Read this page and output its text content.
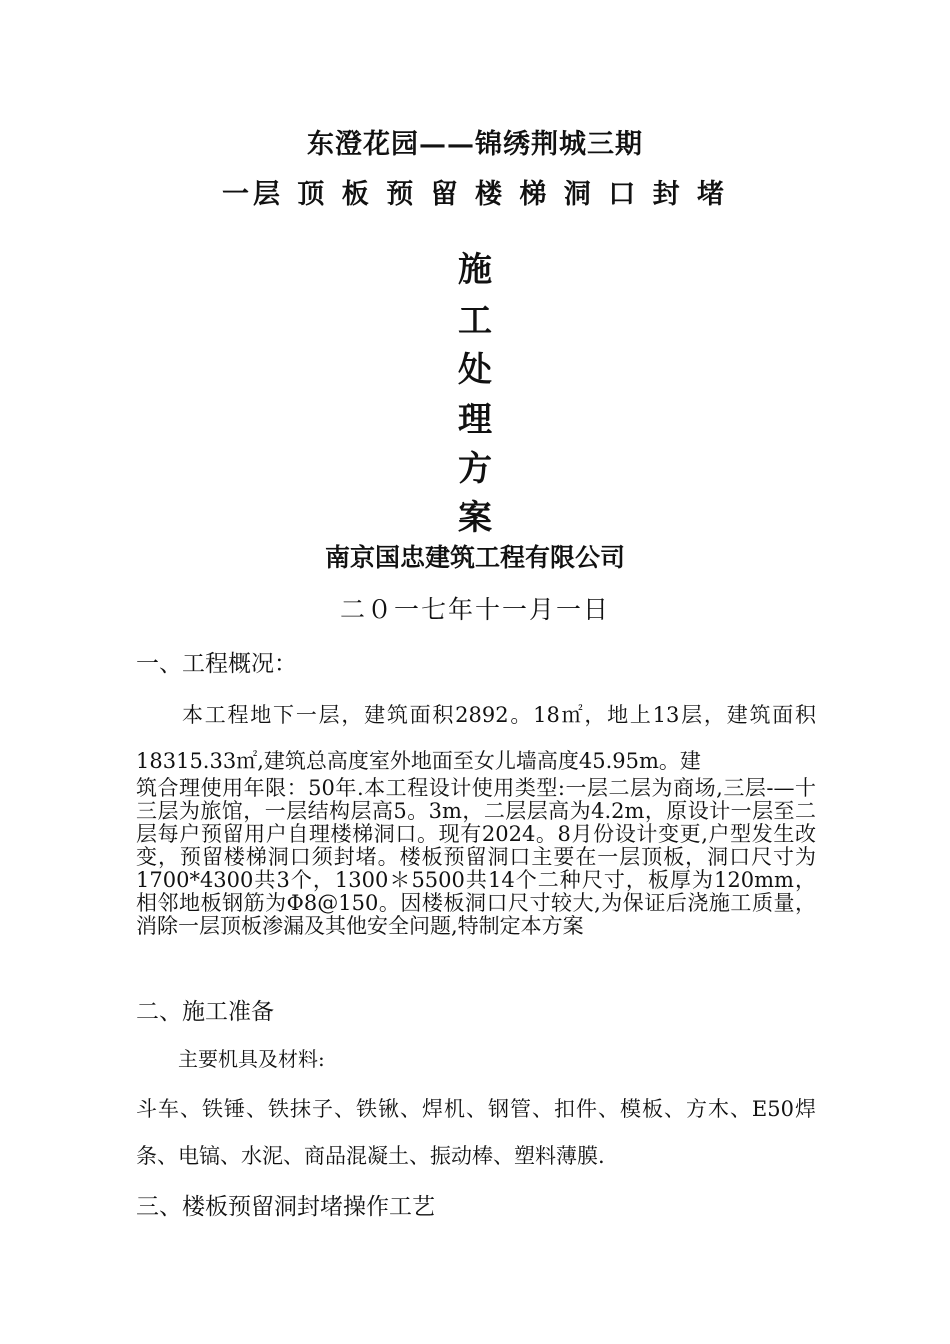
东澄花园——锦绣荆城三期
一层 顶 板 预 留 楼 梯 洞 口 封 堵
施
工
处
理
方
案
南京国忠建筑工程有限公司
二０一七年十一月一日
一、工程概况：
本工程地下一层，建筑面积2892。18㎡，地上13层，建筑面积18315.33㎡,建筑总高度室外地面至女儿墙高度45.95m。建
筑合理使用年限：50年.本工程设计使用类型:一层二层为商场,三层-—十三层为旅馆，一层结构层高5。3m，二层层高为4.2m，原设计一层至二层每户预留用户自理楼梯洞口。现有2024。8月份设计变更,户型发生改变，预留楼梯洞口须封堵。楼板预留洞口主要在一层顶板，洞口尺寸为1700*4300共3个，1300＊5500共14个二种尺寸，板厚为120mm，相邻地板钢筋为Φ8@150。因楼板洞口尺寸较大,为保证后浇施工质量，消除一层顶板渗漏及其他安全问题,特制定本方案
二、施工准备
主要机具及材料:
斗车、铁锤、铁抹子、铁锹、焊机、钢管、扣件、模板、方木、E50焊条、电镐、水泥、商品混凝土、振动棒、塑料薄膜.
三、楼板预留洞封堵操作工艺
